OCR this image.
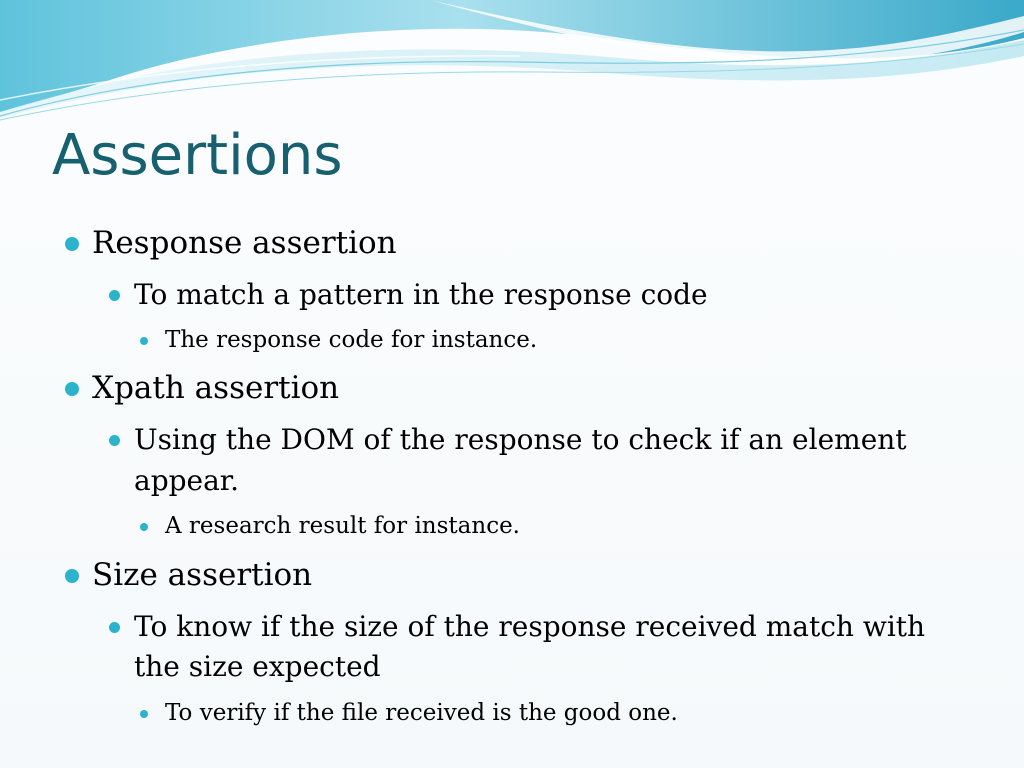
Assertions
Response assertion
To match a pattern in the response code
The response code for instance.
Xpath assertion
Using the DOM of the response to check if an element
appear.
A research result for instance.
Size assertion
To know if the size of the response received match with
the size expected
To verify if the file received is the good one.
